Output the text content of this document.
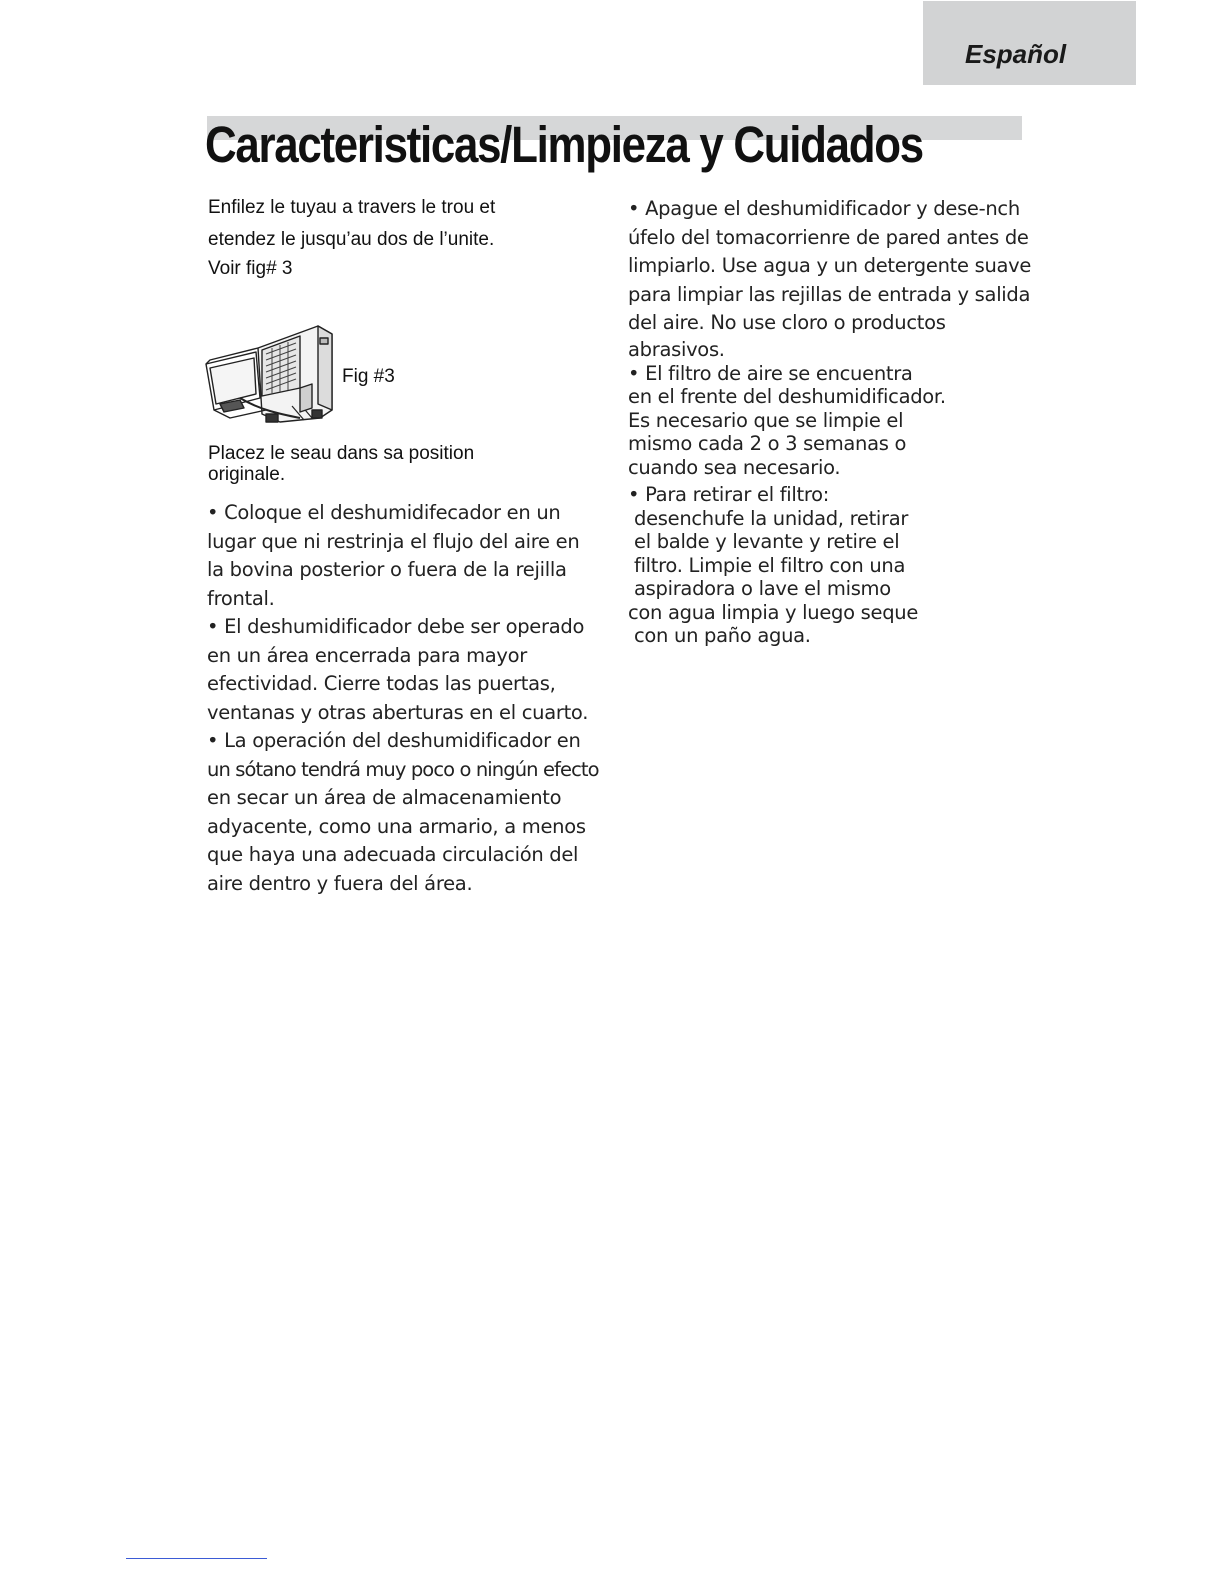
Español
Caracteristicas/Limpieza y Cuidados

Enfilez le tuyau a travers le trou et

etendez le jusqu’au dos de l’unite.

Voir fig# 3

Fig #3
Placez le seau dans sa position
originale.

• Coloque el deshumidifecador en un

lugar que ni restrinja el flujo del aire en

la bovina posterior o fuera de la rejilla

frontal.

• El deshumidificador debe ser operado

en un área encerrada para mayor

efectividad. Cierre todas las puertas,

ventanas y otras aberturas en el cuarto.

• La operación del deshumidificador en

un sótano tendrá muy poco o ningún efecto

en secar un área de almacenamiento

adyacente, como una armario, a menos

que haya una adecuada circulación del

aire dentro y fuera del área.

• Apague el deshumidificador y dese-nch

úfelo del tomacorrienre de pared antes de

limpiarlo. Use agua y un detergente suave

para limpiar las rejillas de entrada y salida

del aire. No use cloro o productos

abrasivos.

• El filtro de aire se encuentra

en el frente del deshumidificador.

Es necesario que se limpie el

mismo cada 2 o 3 semanas o

cuando sea necesario.

• Para retirar el filtro:

desenchufe la unidad, retirar

el balde y levante y retire el

filtro. Limpie el filtro con una

aspiradora o lave el mismo

con agua limpia y luego seque

con un paño agua.
